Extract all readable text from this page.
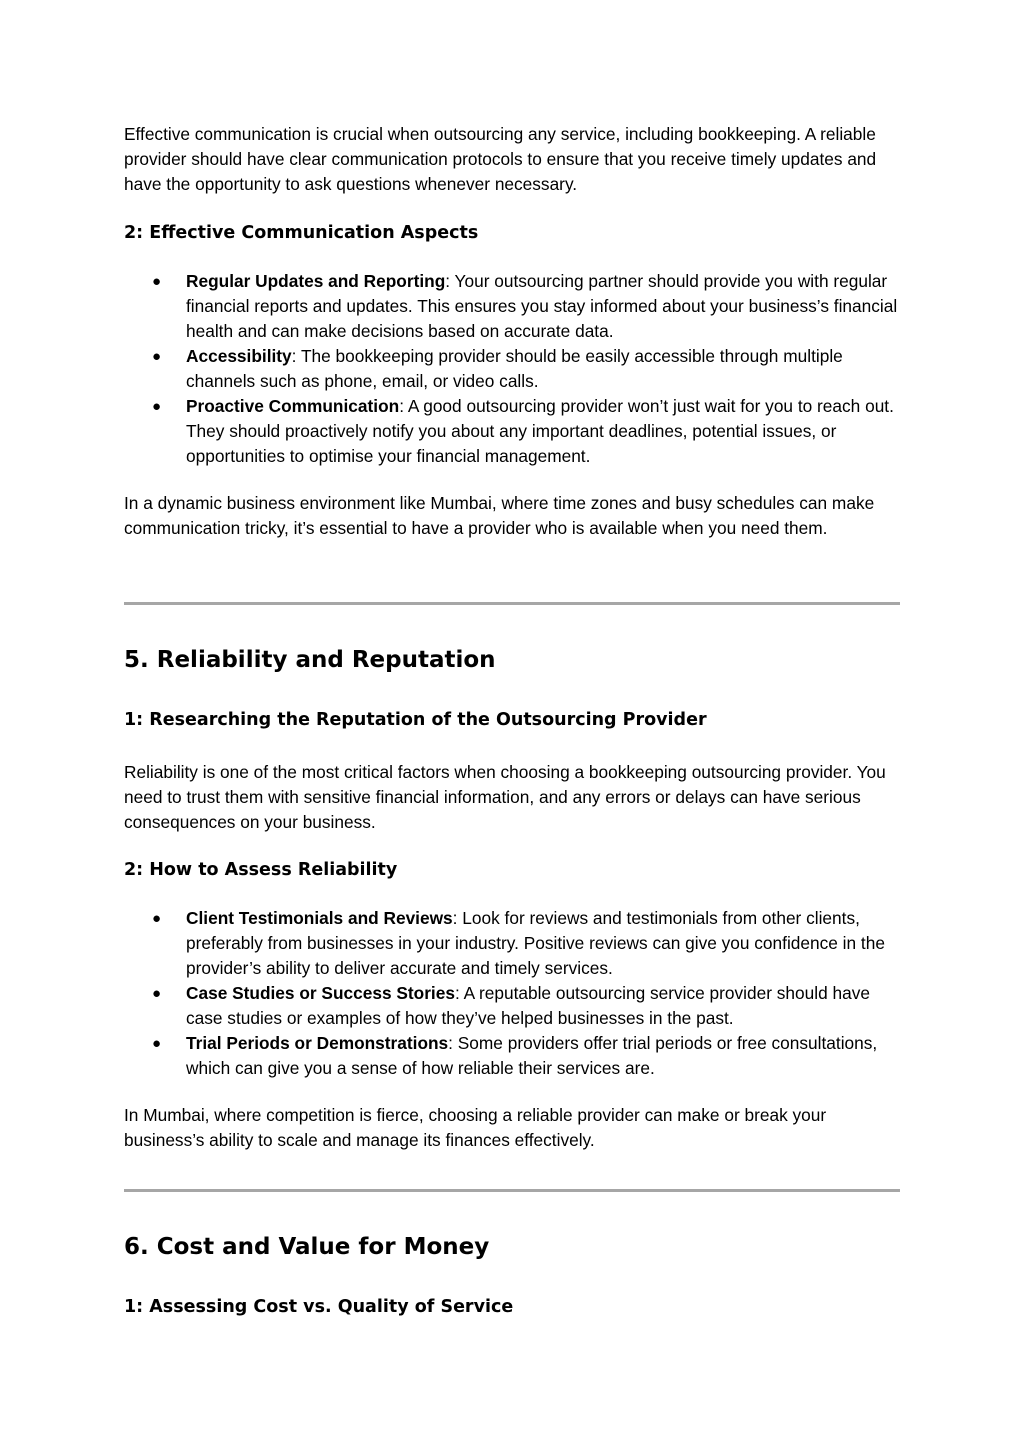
Effective communication is crucial when outsourcing any service, including bookkeeping. A reliable provider should have clear communication protocols to ensure that you receive timely updates and have the opportunity to ask questions whenever necessary.

2: Effective Communication Aspects
●	Regular Updates and Reporting: Your outsourcing partner should provide you with regular financial reports and updates. This ensures you stay informed about your business’s financial health and can make decisions based on accurate data.
●	Accessibility: The bookkeeping provider should be easily accessible through multiple channels such as phone, email, or video calls.
●	Proactive Communication: A good outsourcing provider won’t just wait for you to reach out. They should proactively notify you about any important deadlines, potential issues, or opportunities to optimise your financial management.

In a dynamic business environment like Mumbai, where time zones and busy schedules can make communication tricky, it’s essential to have a provider who is available when you need them.

5. Reliability and Reputation
1: Researching the Reputation of the Outsourcing Provider

Reliability is one of the most critical factors when choosing a bookkeeping outsourcing provider. You need to trust them with sensitive financial information, and any errors or delays can have serious consequences on your business.

2: How to Assess Reliability
●	Client Testimonials and Reviews: Look for reviews and testimonials from other clients, preferably from businesses in your industry. Positive reviews can give you confidence in the provider’s ability to deliver accurate and timely services.
●	Case Studies or Success Stories: A reputable outsourcing service provider should have case studies or examples of how they’ve helped businesses in the past.
●	Trial Periods or Demonstrations: Some providers offer trial periods or free consultations, which can give you a sense of how reliable their services are.

In Mumbai, where competition is fierce, choosing a reliable provider can make or break your business’s ability to scale and manage its finances effectively.

6. Cost and Value for Money
1: Assessing Cost vs. Quality of Service
